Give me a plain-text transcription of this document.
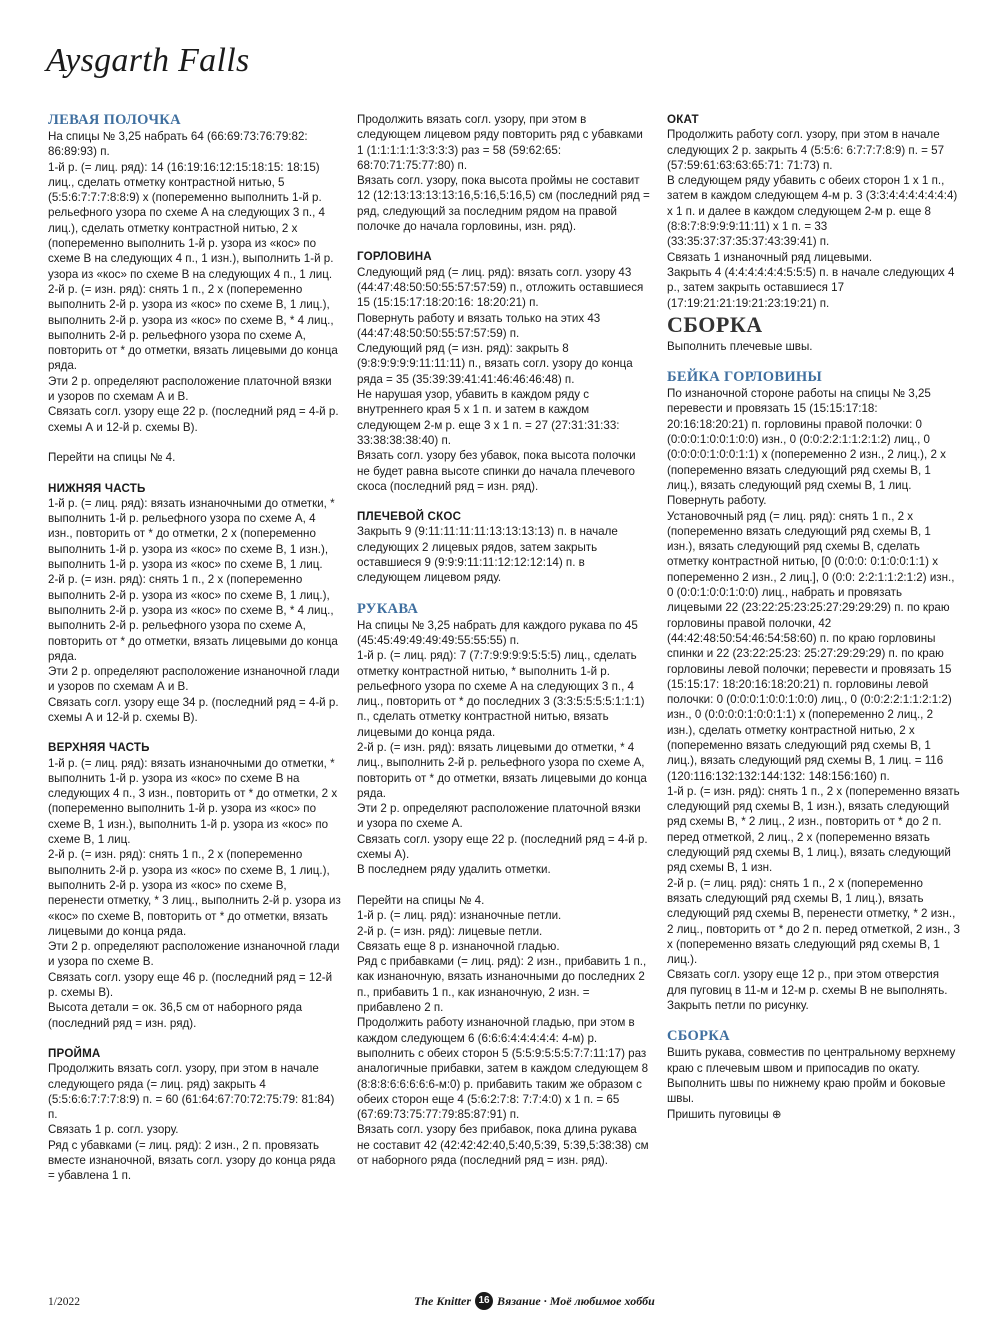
Aysgarth Falls

ЛЕВАЯ ПОЛОЧКА

На спицы № 3,25 набрать 64 (66:69:73:76:79:82: 86:89:93) п.

1-й р. (= лиц. ряд): 14 (16:19:16:12:15:18:15: 18:15) лиц., сделать отметку контрастной нитью, 5 (5:5:6:7:7:7:8:8:9) х (попеременно выполнить 1-й р. рельефного узора по схеме А на следующих 3 п., 4 лиц.), сделать отметку контрастной нитью, 2 х (попеременно выполнить 1-й р. узора из «кос» по схеме В на следующих 4 п., 1 изн.), выполнить 1-й р. узора из «кос» по схеме В на следующих 4 п., 1 лиц.

2-й р. (= изн. ряд): снять 1 п., 2 х (попеременно выполнить 2-й р. узора из «кос» по схеме В, 1 лиц.), выполнить 2-й р. узора из «кос» по схеме В, * 4 лиц., выполнить 2-й р. рельефного узора по схеме А, повторить от * до отметки, вязать лицевыми до конца ряда.

Эти 2 р. определяют расположение платочной вязки и узоров по схемам А и В.

Связать согл. узору еще 22 р. (последний ряд = 4-й р. схемы А и 12-й р. схемы В).

Перейти на спицы № 4.

НИЖНЯЯ ЧАСТЬ

1-й р. (= лиц. ряд): вязать изнаночными до отметки, * выполнить 1-й р. рельефного узора по схеме А, 4 изн., повторить от * до отметки, 2 х (попеременно выполнить 1-й р. узора из «кос» по схеме В, 1 изн.), выполнить 1-й р. узора из «кос» по схеме В, 1 лиц.

2-й р. (= изн. ряд): снять 1 п., 2 х (попеременно выполнить 2-й р. узора из «кос» по схеме В, 1 лиц.), выполнить 2-й р. узора из «кос» по схеме В, * 4 лиц., выполнить 2-й р. рельефного узора по схеме А, повторить от * до отметки, вязать лицевыми до конца ряда.

Эти 2 р. определяют расположение изнаночной глади и узоров по схемам А и В.

Связать согл. узору еще 34 р. (последний ряд = 4-й р. схемы А и 12-й р. схемы В).

ВЕРХНЯЯ ЧАСТЬ

1-й р. (= лиц. ряд): вязать изнаночными до отметки, * выполнить 1-й р. узора из «кос» по схеме В на следующих 4 п., 3 изн., повторить от * до отметки, 2 х (попеременно выполнить 1-й р. узора из «кос» по схеме В, 1 изн.), выполнить 1-й р. узора из «кос» по схеме В, 1 лиц.

2-й р. (= изн. ряд): снять 1 п., 2 х (попеременно выполнить 2-й р. узора из «кос» по схеме В, 1 лиц.), выполнить 2-й р. узора из «кос» по схеме В, перенести отметку, * 3 лиц., выполнить 2-й р. узора из «кос» по схеме В, повторить от * до отметки, вязать лицевыми до конца ряда.

Эти 2 р. определяют расположение изнаночной глади и узора по схеме В.

Связать согл. узору еще 46 р. (последний ряд = 12-й р. схемы В).

Высота детали = ок. 36,5 см от наборного ряда (последний ряд = изн. ряд).

ПРОЙМА

Продолжить вязать согл. узору, при этом в начале следующего ряда (= лиц. ряд) закрыть 4 (5:5:6:6:7:7:7:8:9) п. = 60 (61:64:67:70:72:75:79: 81:84) п.

Связать 1 р. согл. узору.

Ряд с убавками (= лиц. ряд): 2 изн., 2 п. провязать вместе изнаночной, вязать согл. узору до конца ряда = убавлена 1 п.

Продолжить вязать согл. узору, при этом в следующем лицевом ряду повторить ряд с убавками 1 (1:1:1:1:1:3:3:3:3) раз = 58 (59:62:65: 68:70:71:75:77:80) п.

Вязать согл. узору, пока высота проймы не составит 12 (12:13:13:13:13:16,5:16,5:16,5) см (последний ряд = ряд, следующий за последним рядом на правой полочке до начала горловины, изн. ряд).

ГОРЛОВИНА

Следующий ряд (= лиц. ряд): вязать согл. узору 43 (44:47:48:50:50:55:57:57:59) п., отложить оставшиеся 15 (15:15:17:18:20:16: 18:20:21) п.

Повернуть работу и вязать только на этих 43 (44:47:48:50:50:55:57:57:59) п.

Следующий ряд (= изн. ряд): закрыть 8 (9:8:9:9:9:9:11:11:11) п., вязать согл. узору до конца ряда = 35 (35:39:39:41:41:46:46:46:48) п.

Не нарушая узор, убавить в каждом ряду с внутреннего края 5 х 1 п. и затем в каждом следующем 2-м р. еще 3 х 1 п. = 27 (27:31:31:33: 33:38:38:38:40) п.

Вязать согл. узору без убавок, пока высота полочки не будет равна высоте спинки до начала плечевого скоса (последний ряд = изн. ряд).

ПЛЕЧЕВОЙ СКОС

Закрыть 9 (9:11:11:11:11:13:13:13:13) п. в начале следующих 2 лицевых рядов, затем закрыть оставшиеся 9 (9:9:9:11:11:12:12:12:14) п. в следующем лицевом ряду.

РУКАВА

На спицы № 3,25 набрать для каждого рукава по 45 (45:45:49:49:49:49:55:55:55) п.

1-й р. (= лиц. ряд): 7 (7:7:9:9:9:9:5:5:5) лиц., сделать отметку контрастной нитью, * выполнить 1-й р. рельефного узора по схеме А на следующих 3 п., 4 лиц., повторить от * до последних 3 (3:3:5:5:5:5:1:1:1) п., сделать отметку контрастной нитью, вязать лицевыми до конца ряда.

2-й р. (= изн. ряд): вязать лицевыми до отметки, * 4 лиц., выполнить 2-й р. рельефного узора по схеме А, повторить от * до отметки, вязать лицевыми до конца ряда.

Эти 2 р. определяют расположение платочной вязки и узора по схеме А.

Связать согл. узору еще 22 р. (последний ряд = 4-й р. схемы А).

В последнем ряду удалить отметки.

Перейти на спицы № 4.

1-й р. (= лиц. ряд): изнаночные петли.

2-й р. (= изн. ряд): лицевые петли.

Связать еще 8 р. изнаночной гладью.

Ряд с прибавками (= лиц. ряд): 2 изн., прибавить 1 п., как изнаночную, вязать изнаночными до последних 2 п., прибавить 1 п., как изнаночную, 2 изн. = прибавлено 2 п.

Продолжить работу изнаночной гладью, при этом в каждом следующем 6 (6:6:6:4:4:4:4:4: 4-м) р. выполнить с обеих сторон 5 (5:5:9:5:5:5:7:7:11:17) раз аналогичные прибавки, затем в каждом следующем 8 (8:8:8:6:6:6:6:6-м:0) р. прибавить таким же образом с обеих сторон еще 4 (5:6:2:7:8: 7:7:4:0) х 1 п. = 65 (67:69:73:75:77:79:85:87:91) п.

Вязать согл. узору без прибавок, пока длина рукава не составит 42 (42:42:42:40,5:40,5:39, 5:39,5:38:38) см от наборного ряда (последний ряд = изн. ряд).

ОКАТ

Продолжить работу согл. узору, при этом в начале следующих 2 р. закрыть 4 (5:5:6: 6:7:7:7:8:9) п. = 57 (57:59:61:63:63:65:71: 71:73) п.

В следующем ряду убавить с обеих сторон 1 х 1 п., затем в каждом следующем 4-м р. 3 (3:3:4:4:4:4:4:4:4) х 1 п. и далее в каждом следующем 2-м р. еще 8 (8:8:7:8:9:9:9:11:11) х 1 п. = 33 (33:35:37:37:35:37:43:39:41) п.

Связать 1 изнаночный ряд лицевыми.

Закрыть 4 (4:4:4:4:4:4:5:5:5) п. в начале следующих 4 р., затем закрыть оставшиеся 17 (17:19:21:21:19:21:23:19:21) п.

СБОРКА

Выполнить плечевые швы.

БЕЙКА ГОРЛОВИНЫ

По изнаночной стороне работы на спицы № 3,25 перевести и провязать 15 (15:15:17:18: 20:16:18:20:21) п. горловины правой полочки: 0 (0:0:0:1:0:0:1:0:0) изн., 0 (0:0:2:2:1:1:2:1:2) лиц., 0 (0:0:0:0:1:0:0:1:1) х (попеременно 2 изн., 2 лиц.), 2 х (попеременно вязать следующий ряд схемы В, 1 лиц.), вязать следующий ряд схемы В, 1 лиц.

Повернуть работу.

Установочный ряд (= лиц. ряд): снять 1 п., 2 х (попеременно вязать следующий ряд схемы В, 1 изн.), вязать следующий ряд схемы В, сделать отметку контрастной нитью, [0 (0:0:0: 0:1:0:0:1:1) х попеременно 2 изн., 2 лиц.], 0 (0:0: 2:2:1:1:2:1:2) изн., 0 (0:0:1:0:0:1:0:0) лиц., набрать и провязать лицевыми 22 (23:22:25:23:25:27:29:29:29) п. по краю горловины правой полочки, 42 (44:42:48:50:54:46:54:58:60) п. по краю горловины спинки и 22 (23:22:25:23: 25:27:29:29:29) п. по краю горловины левой полочки; перевести и провязать 15 (15:15:17: 18:20:16:18:20:21) п. горловины левой полочки: 0 (0:0:0:1:0:0:1:0:0) лиц., 0 (0:0:2:2:1:1:2:1:2) изн., 0 (0:0:0:0:1:0:0:1:1) х (попеременно 2 лиц., 2 изн.), сделать отметку контрастной нитью, 2 х (попеременно вязать следующий ряд схемы В, 1 лиц.), вязать следующий ряд схемы В, 1 лиц. = 116 (120:116:132:132:144:132: 148:156:160) п.

1-й р. (= изн. ряд): снять 1 п., 2 х (попеременно вязать следующий ряд схемы В, 1 изн.), вязать следующий ряд схемы В, * 2 лиц., 2 изн., повторить от * до 2 п. перед отметкой, 2 лиц., 2 х (попеременно вязать следующий ряд схемы В, 1 лиц.), вязать следующий ряд схемы В, 1 изн.

2-й р. (= лиц. ряд): снять 1 п., 2 х (попеременно вязать следующий ряд схемы В, 1 лиц.), вязать следующий ряд схемы В, перенести отметку, * 2 изн., 2 лиц., повторить от * до 2 п. перед отметкой, 2 изн., 3 х (попеременно вязать следующий ряд схемы В, 1 лиц.).

Связать согл. узору еще 12 р., при этом отверстия для пуговиц в 11-м и 12-м р. схемы В не выполнять.

Закрыть петли по рисунку.

СБОРКА

Вшить рукава, совместив по центральному верхнему краю с плечевым швом и припосадив по окату.

Выполнить швы по нижнему краю пройм и боковые швы.

Пришить пуговицы ⊕

1/2022	The Knitter 16 Вязание · Моё любимое хобби
